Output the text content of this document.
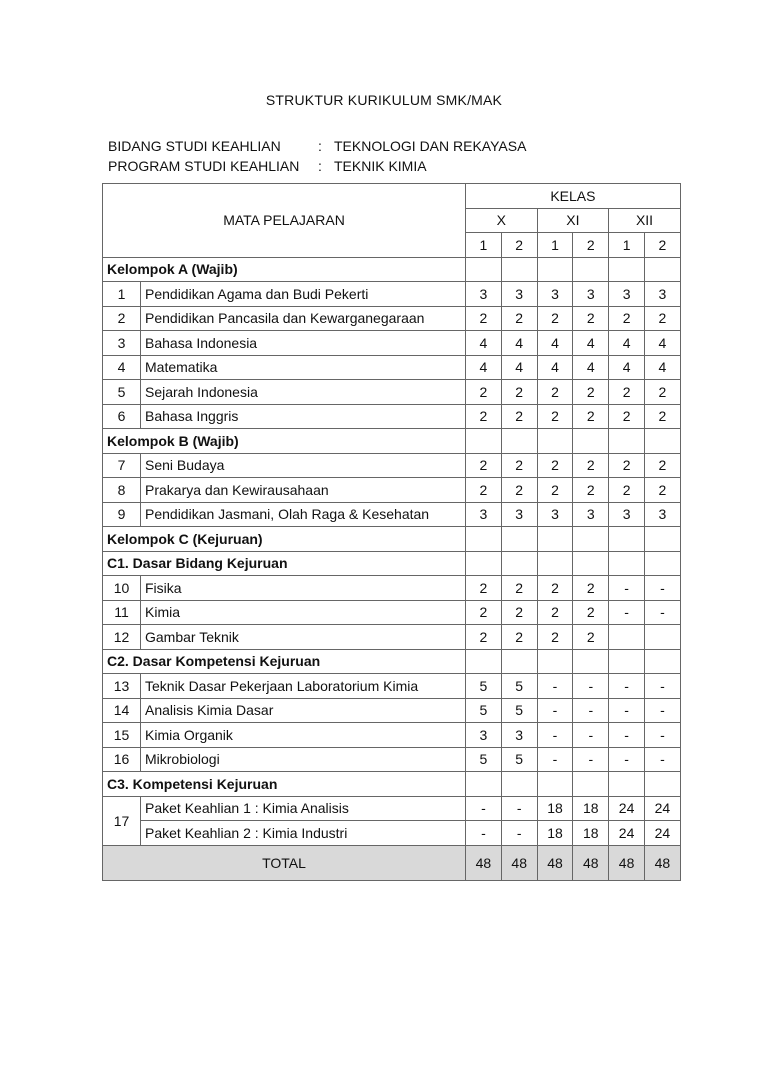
STRUKTUR KURIKULUM SMK/MAK
BIDANG STUDI KEAHLIAN	: TEKNOLOGI DAN REKAYASA
PROGRAM STUDI KEAHLIAN	: TEKNIK KIMIA
MATA PELAJARAN		KELAS					
		X		XI		XII	
		1	2	1	2	1	2
Kelompok A (Wajib)							
1	Pendidikan Agama dan Budi Pekerti	3	3	3	3	3	3
2	Pendidikan Pancasila dan Kewarganegaraan	2	2	2	2	2	2
3	Bahasa Indonesia	4	4	4	4	4	4
4	Matematika	4	4	4	4	4	4
5	Sejarah Indonesia	2	2	2	2	2	2
6	Bahasa Inggris	2	2	2	2	2	2
Kelompok B (Wajib)							
7	Seni Budaya	2	2	2	2	2	2
8	Prakarya dan Kewirausahaan	2	2	2	2	2	2
9	Pendidikan Jasmani, Olah Raga & Kesehatan	3	3	3	3	3	3
Kelompok C (Kejuruan)							
C1. Dasar Bidang Kejuruan							
10	Fisika	2	2	2	2	-	-
11	Kimia	2	2	2	2	-	-
12	Gambar Teknik	2	2	2	2		
C2. Dasar Kompetensi Kejuruan							
13	Teknik Dasar Pekerjaan Laboratorium Kimia	5	5	-	-	-	-
14	Analisis Kimia Dasar	5	5	-	-	-	-
15	Kimia Organik	3	3	-	-	-	-
16	Mikrobiologi	5	5	-	-	-	-
C3. Kompetensi Kejuruan							
17	Paket Keahlian 1 : Kimia Analisis	-	-	18	18	24	24
	Paket Keahlian 2 : Kimia Industri	-	-	18	18	24	24
TOTAL		48	48	48	48	48	48
